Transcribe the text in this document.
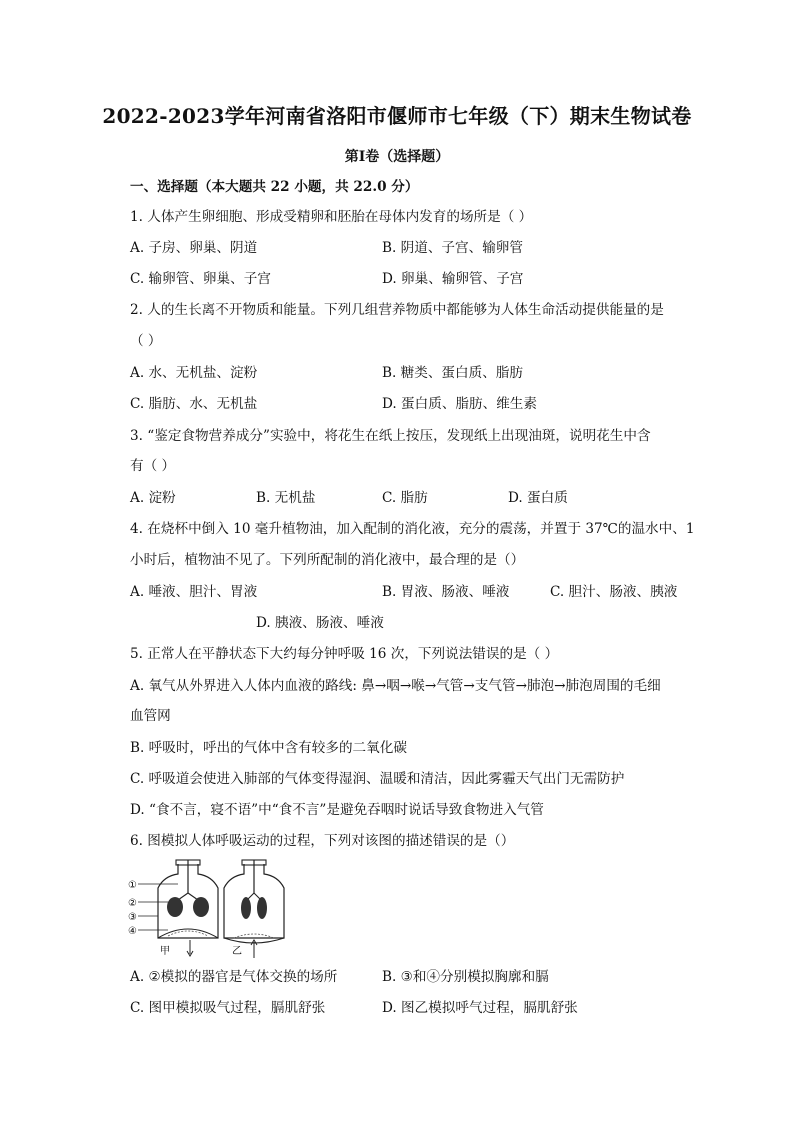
2022-2023学年河南省洛阳市偃师市七年级（下）期末生物试卷
第I卷（选择题）
一、选择题（本大题共 22 小题，共 22.0 分）
1. 人体产生卵细胞、形成受精卵和胚胎在母体内发育的场所是（ ）
A. 子房、卵巢、阴道	B. 阴道、子宫、输卵管
C. 输卵管、卵巢、子宫	D. 卵巢、输卵管、子宫
2. 人的生长离不开物质和能量。下列几组营养物质中都能够为人体生命活动提供能量的是
（ ）
A. 水、无机盐、淀粉	B. 糖类、蛋白质、脂肪
C. 脂肪、水、无机盐	D. 蛋白质、脂肪、维生素
3. “鉴定食物营养成分”实验中，将花生在纸上按压，发现纸上出现油斑，说明花生中含
有（ ）
A. 淀粉	B. 无机盐	C. 脂肪	D. 蛋白质
4. 在烧杯中倒入 10 毫升植物油，加入配制的消化液，充分的震荡，并置于 37℃的温水中、1
小时后，植物油不见了。下列所配制的消化液中，最合理的是（）
A. 唾液、胆汁、胃液	B. 胃液、肠液、唾液	C. 胆汁、肠液、胰液
D. 胰液、肠液、唾液
5. 正常人在平静状态下大约每分钟呼吸 16 次，下列说法错误的是（ ）
A. 氧气从外界进入人体内血液的路线: 鼻→咽→喉→气管→支气管→肺泡→肺泡周围的毛细
血管网
B. 呼吸时，呼出的气体中含有较多的二氧化碳
C. 呼吸道会使进入肺部的气体变得湿润、温暖和清洁，因此雾霾天气出门无需防护
D. “食不言，寝不语”中“食不言”是避免吞咽时说话导致食物进入气管
6. 图模拟人体呼吸运动的过程，下列对该图的描述错误的是（）
①
②
③
④
甲	乙
A. ②模拟的器官是气体交换的场所	B. ③和④分别模拟胸廓和膈
C. 图甲模拟吸气过程，膈肌舒张	D. 图乙模拟呼气过程，膈肌舒张
